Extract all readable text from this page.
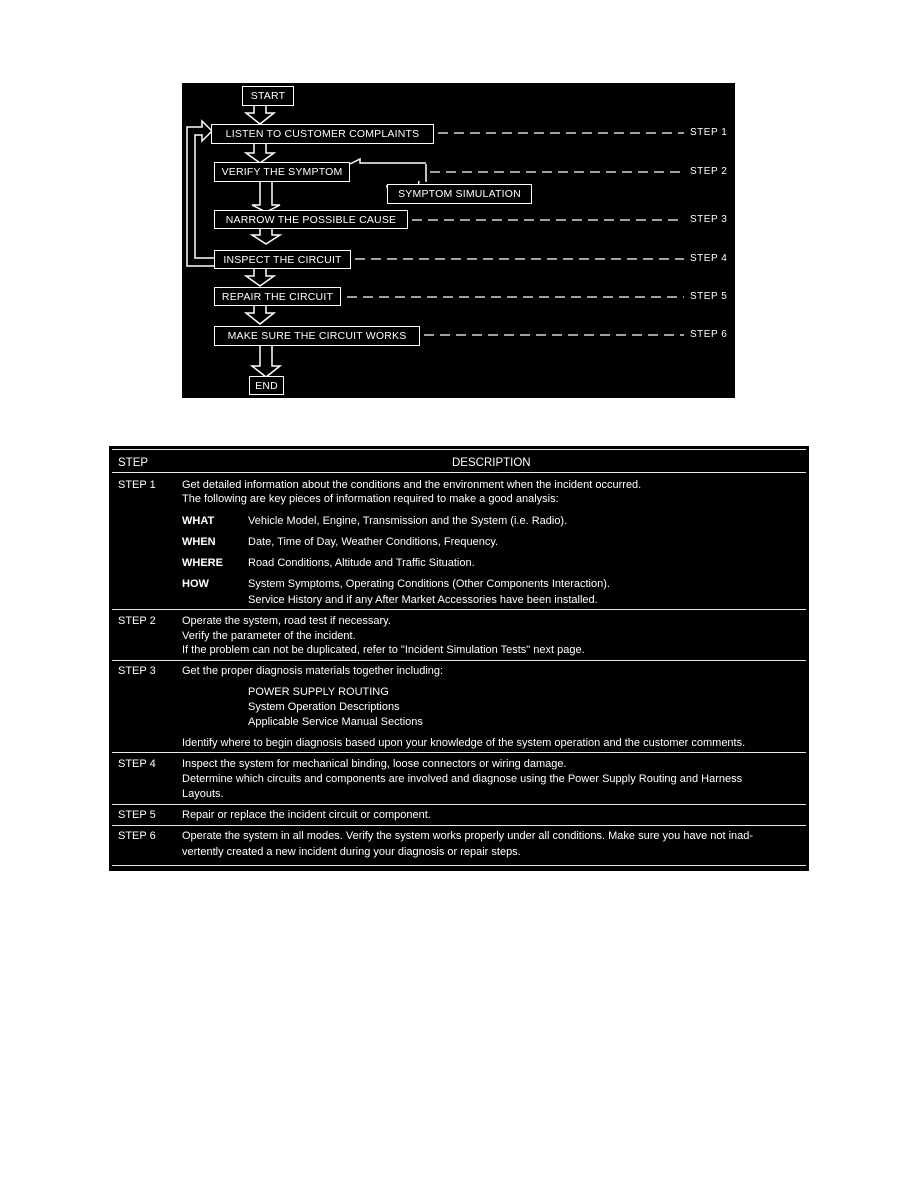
START
LISTEN TO CUSTOMER COMPLAINTS
VERIFY THE SYMPTOM
SYMPTOM SIMULATION
NARROW THE POSSIBLE CAUSE
INSPECT THE CIRCUIT
REPAIR THE CIRCUIT
MAKE SURE THE CIRCUIT WORKS
END
STEP 1
STEP 2
STEP 3
STEP 4
STEP 5
STEP 6
STEP	DESCRIPTION
STEP 1 Get detailed information about the conditions and the environment when the incident occurred.
The following are key pieces of information required to make a good analysis:
WHAT	Vehicle Model, Engine, Transmission and the System (i.e. Radio).
WHEN	Date, Time of Day, Weather Conditions, Frequency.
WHERE Road Conditions, Altitude and Traffic Situation.
HOW	System Symptoms, Operating Conditions (Other Components Interaction).
Service History and if any After Market Accessories have been installed.
STEP 2 Operate the system, road test if necessary.
Verify the parameter of the incident.
If the problem can not be duplicated, refer to "Incident Simulation Tests" next page.
STEP 3 Get the proper diagnosis materials together including:
POWER SUPPLY ROUTING
System Operation Descriptions
Applicable Service Manual Sections
Identify where to begin diagnosis based upon your knowledge of the system operation and the customer comments.
STEP 4 Inspect the system for mechanical binding, loose connectors or wiring damage.
Determine which circuits and components are involved and diagnose using the Power Supply Routing and Harness
Layouts.
STEP 5 Repair or replace the incident circuit or component.
STEP 6 Operate the system in all modes. Verify the system works properly under all conditions. Make sure you have not inad-
vertently created a new incident during your diagnosis or repair steps.
